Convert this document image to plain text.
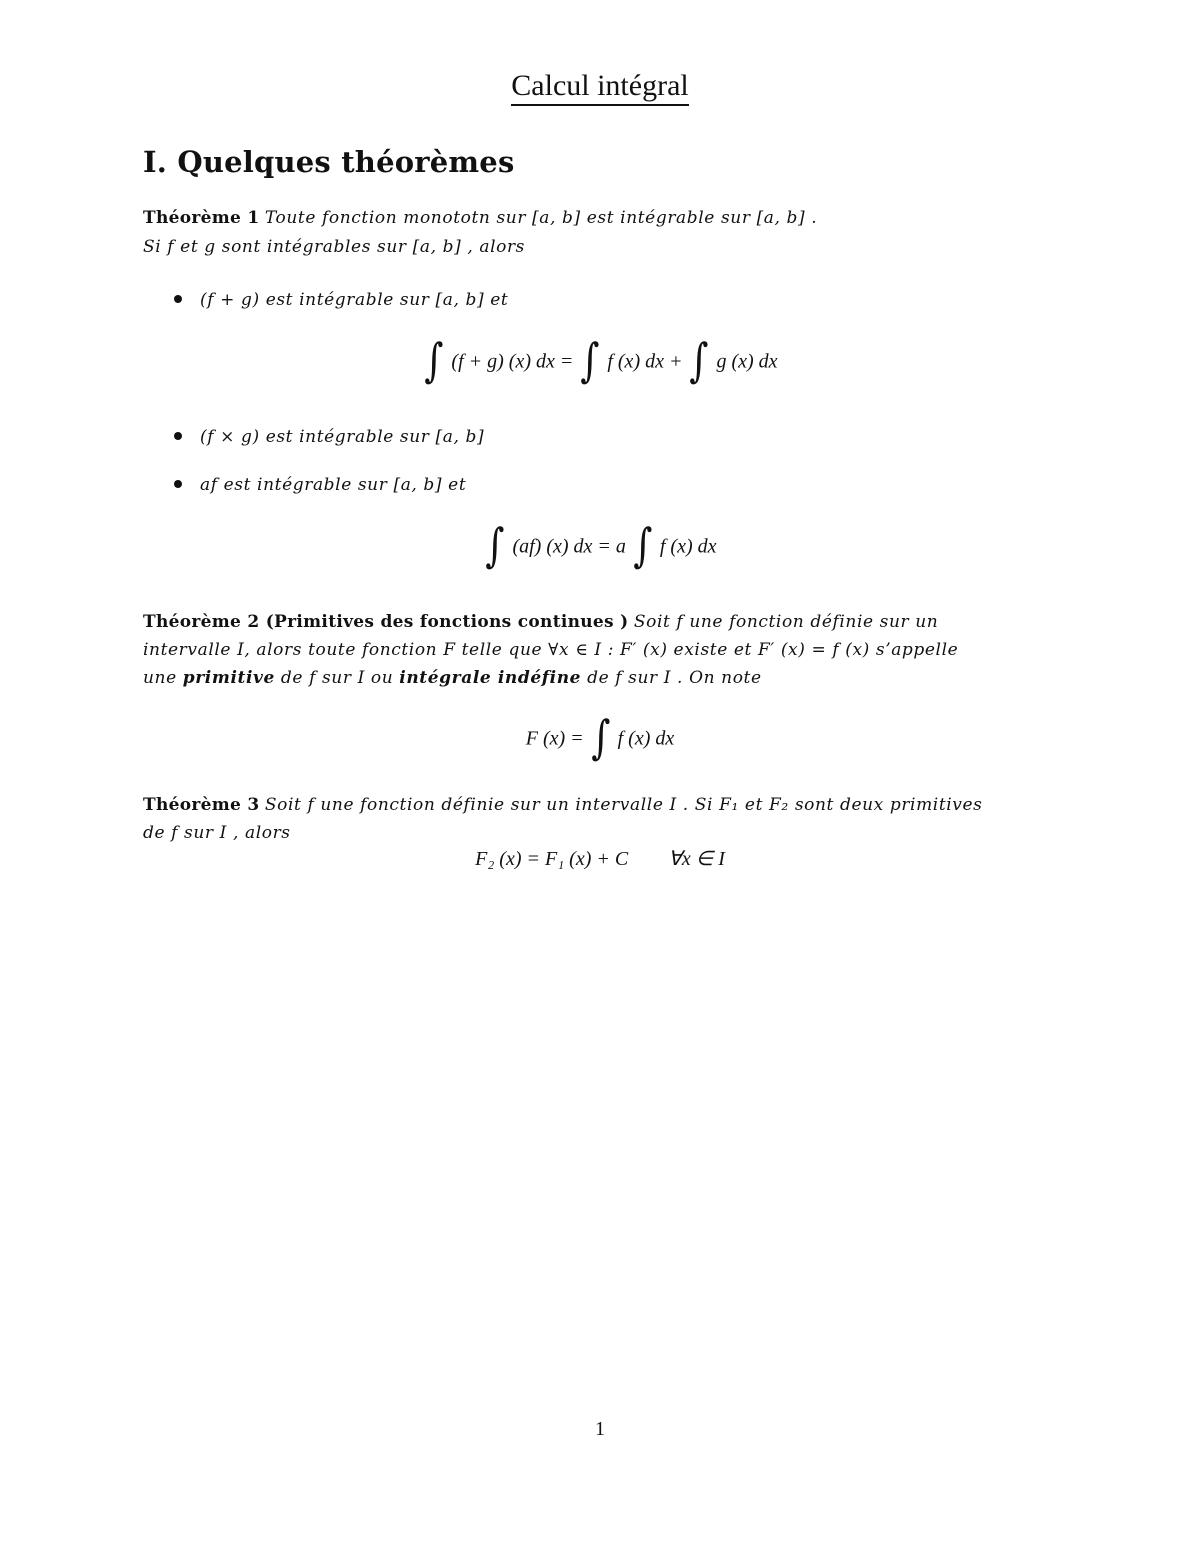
Calcul intégral
I. Quelques théorèmes
Théorème 1 Toute fonction monototn sur [a, b] est intégrable sur [a, b] .
Si f et g sont intégrables sur [a, b] , alors
(f + g) est intégrable sur [a, b] et
∫ (f + g) (x) dx = ∫ f (x) dx + ∫ g (x) dx
(f × g) est intégrable sur [a, b]
af est intégrable sur [a, b] et
∫ (af) (x) dx = a ∫ f (x) dx
Théorème 2 (Primitives des fonctions continues ) Soit f une fonction définie sur un
intervalle I, alors toute fonction F telle que ∀x ∈ I : F′ (x) existe et F′ (x) = f (x) s’appelle
une primitive de f sur I ou intégrale indéfine de f sur I . On note
F (x) = ∫ f (x) dx
Théorème 3 Soit f une fonction définie sur un intervalle I . Si F₁ et F₂ sont deux primitives
de f sur I , alors
F₂ (x) = F₁ (x) + C        ∀x ∈ I
1
